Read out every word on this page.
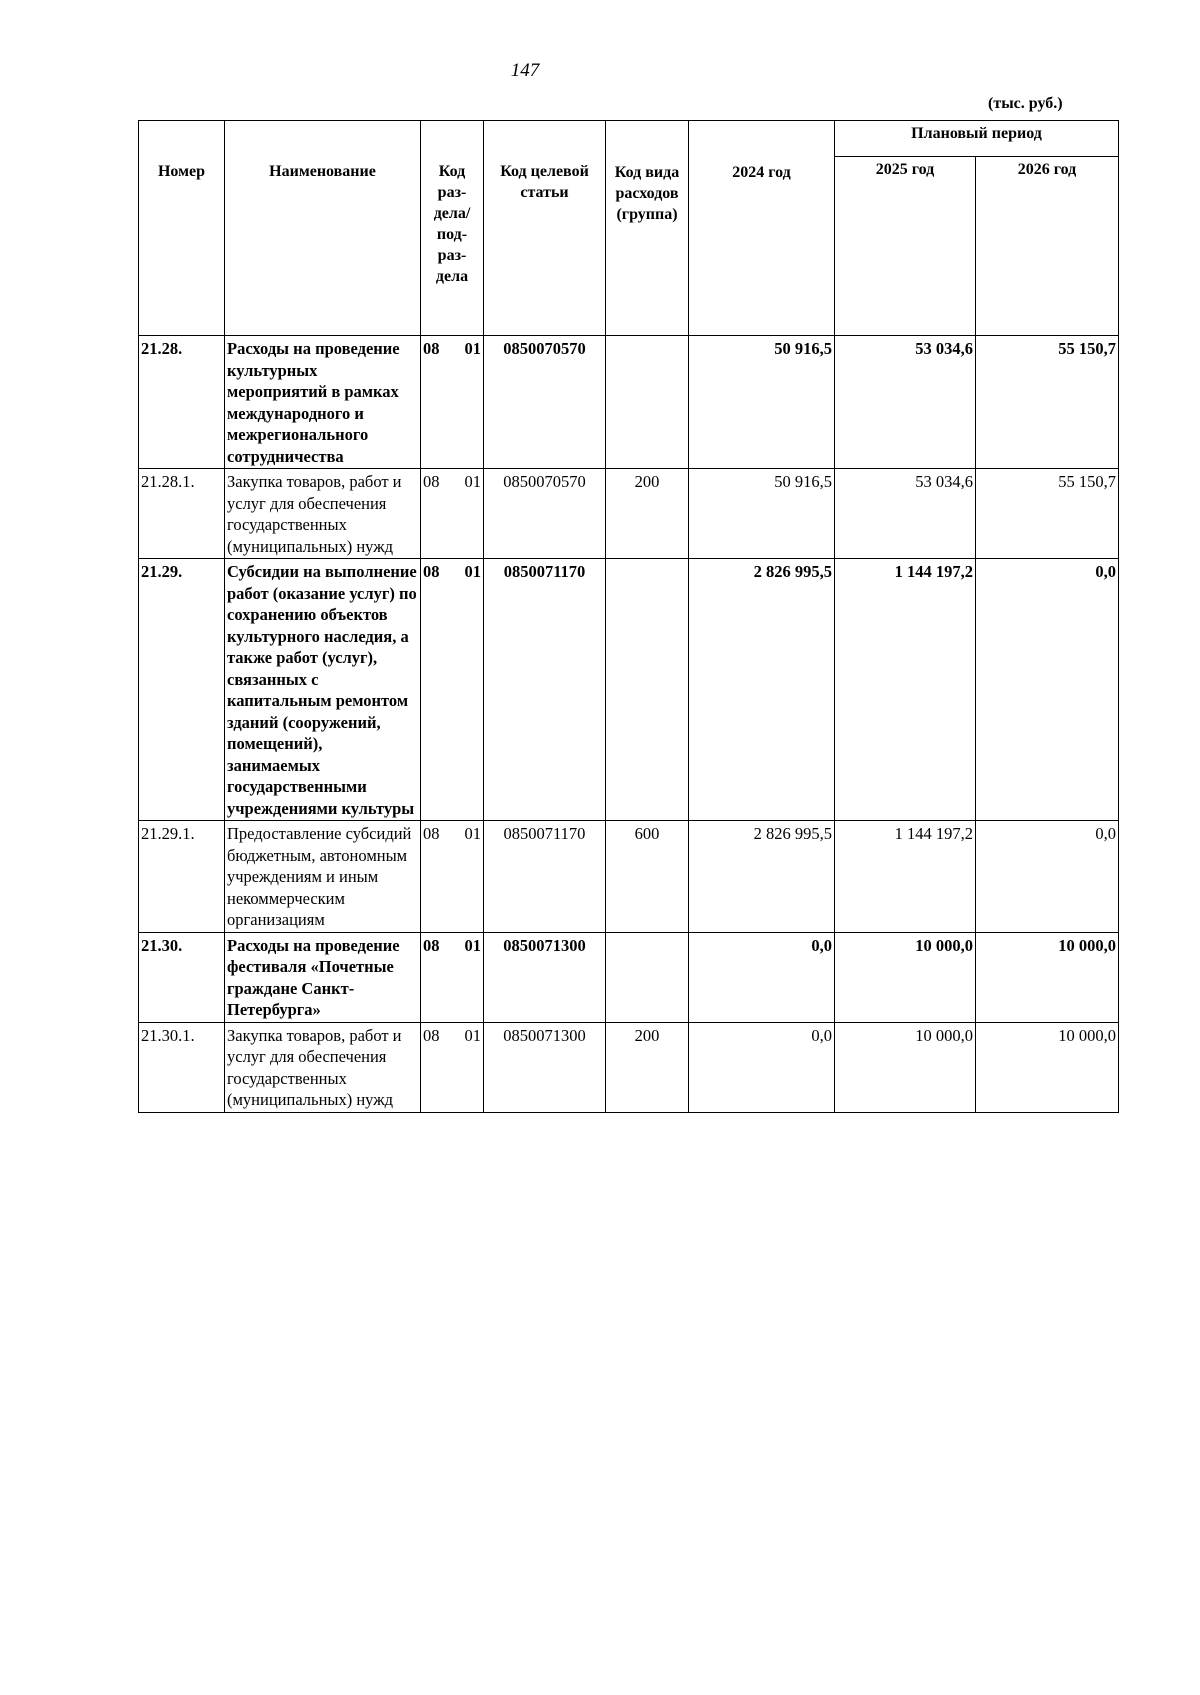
147
(тыс. руб.)
Номер	Наименование	Код раз-дела/ под-раз-дела	Код целевой статьи	Код вида расходов (группа)	2024 год	Плановый период	
						2025 год	2026 год
21.28.	Расходы на проведение культурных мероприятий в рамках международного и межрегионального сотрудничества	08 01	0850070570		50 916,5	53 034,6	55 150,7
21.28.1.	Закупка товаров, работ и услуг для обеспечения государственных (муниципальных) нужд	08 01	0850070570	200	50 916,5	53 034,6	55 150,7
21.29.	Субсидии на выполнение работ (оказание услуг) по сохранению объектов культурного наследия, а также работ (услуг), связанных с капитальным ремонтом зданий (сооружений, помещений), занимаемых государственными учреждениями культуры	08 01	0850071170		2 826 995,5	1 144 197,2	0,0
21.29.1.	Предоставление субсидий бюджетным, автономным учреждениям и иным некоммерческим организациям	08 01	0850071170	600	2 826 995,5	1 144 197,2	0,0
21.30.	Расходы на проведение фестиваля «Почетные граждане Санкт-Петербурга»	08 01	0850071300		0,0	10 000,0	10 000,0
21.30.1.	Закупка товаров, работ и услуг для обеспечения государственных (муниципальных) нужд	08 01	0850071300	200	0,0	10 000,0	10 000,0
